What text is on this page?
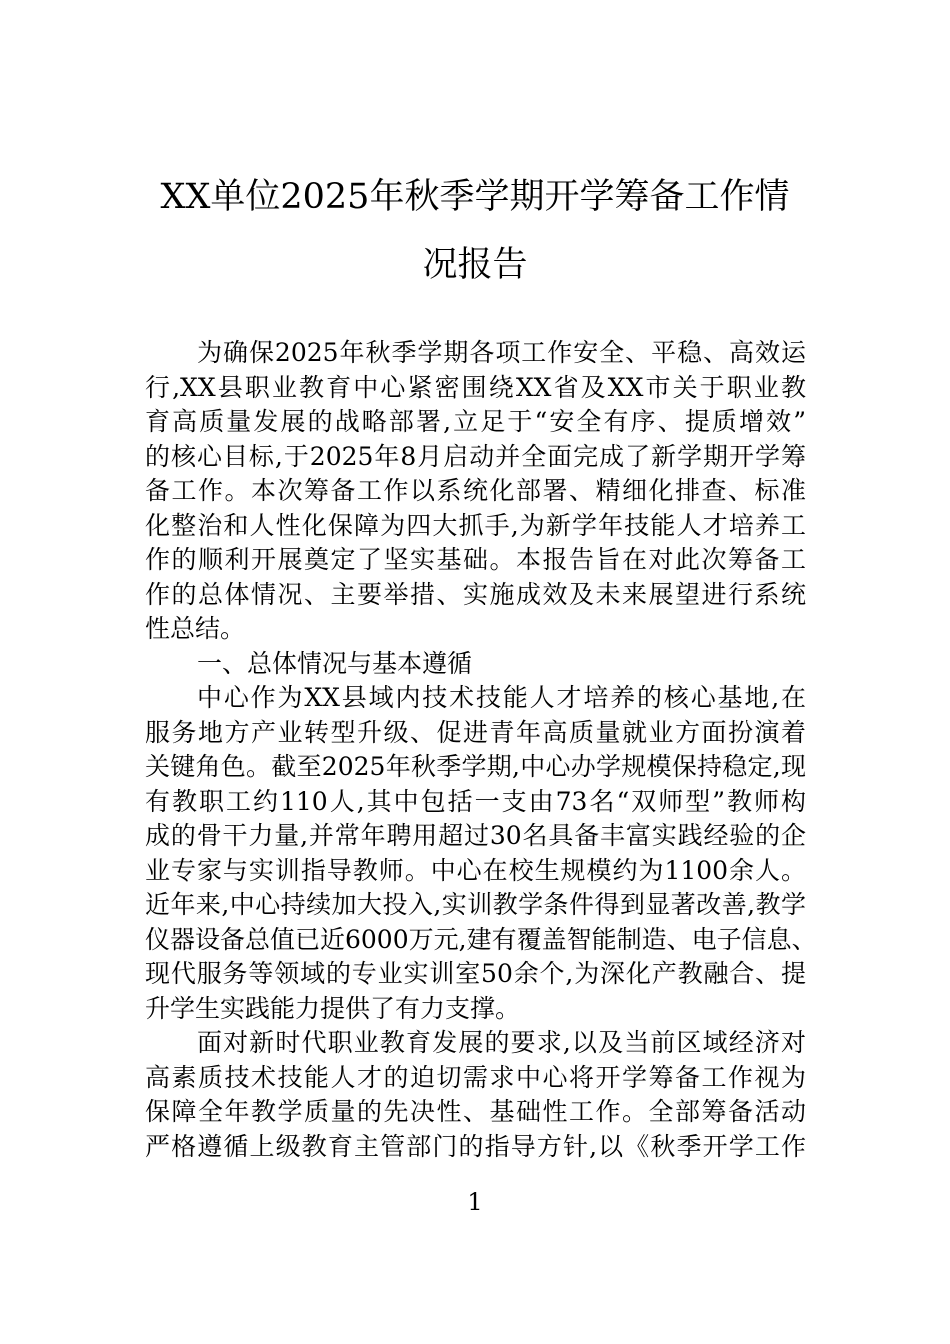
XX单位2025年秋季学期开学筹备工作情
况报告
为确保2025年秋季学期各项工作安全、平稳、高效运
行,XX县职业教育中心紧密围绕XX省及XX市关于职业教
育高质量发展的战略部署,立足于“安全有序、提质增效”
的核心目标,于2025年8月启动并全面完成了新学期开学筹
备工作。本次筹备工作以系统化部署、精细化排查、标准
化整治和人性化保障为四大抓手,为新学年技能人才培养工
作的顺利开展奠定了坚实基础。本报告旨在对此次筹备工
作的总体情况、主要举措、实施成效及未来展望进行系统
性总结。
一、总体情况与基本遵循
中心作为XX县域内技术技能人才培养的核心基地,在
服务地方产业转型升级、促进青年高质量就业方面扮演着
关键角色。截至2025年秋季学期,中心办学规模保持稳定,现
有教职工约110人,其中包括一支由73名“双师型”教师构
成的骨干力量,并常年聘用超过30名具备丰富实践经验的企
业专家与实训指导教师。中心在校生规模约为1100余人。
近年来,中心持续加大投入,实训教学条件得到显著改善,教学
仪器设备总值已近6000万元,建有覆盖智能制造、电子信息、
现代服务等领域的专业实训室50余个,为深化产教融合、提
升学生实践能力提供了有力支撑。
面对新时代职业教育发展的要求,以及当前区域经济对
高素质技术技能人才的迫切需求中心将开学筹备工作视为
保障全年教学质量的先决性、基础性工作。全部筹备活动
严格遵循上级教育主管部门的指导方针,以《秋季开学工作
1
